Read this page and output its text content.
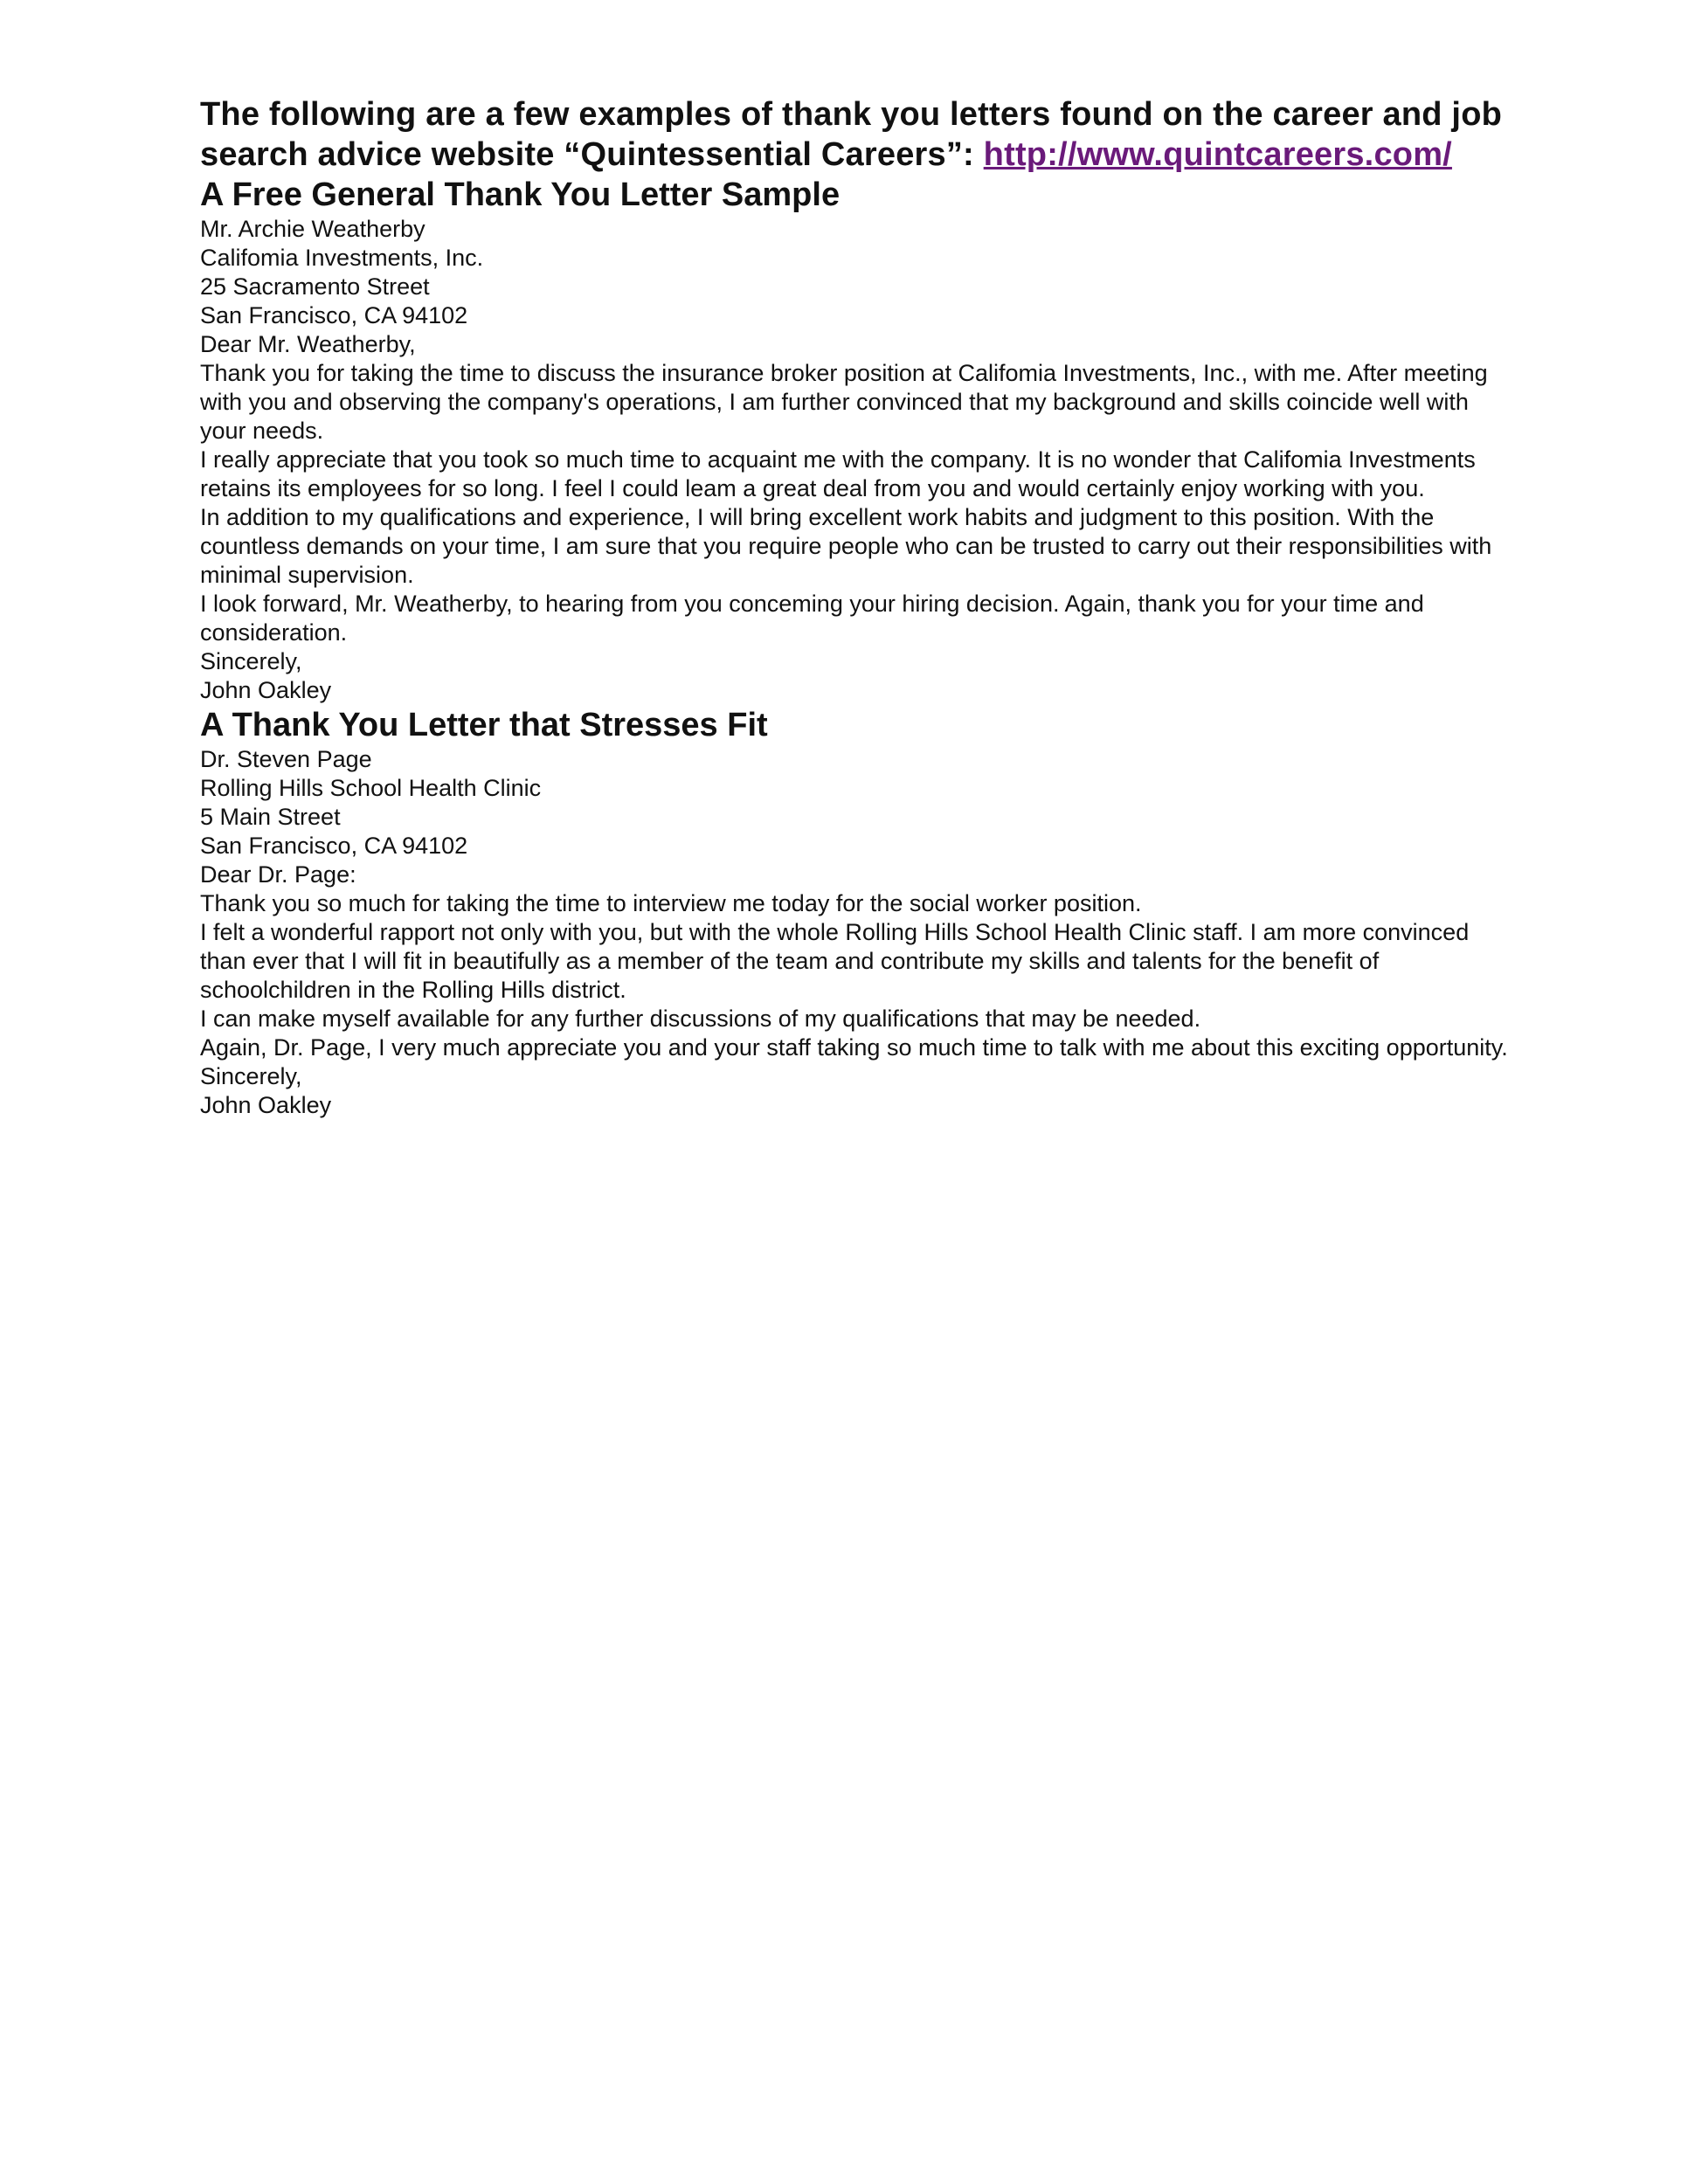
The following are a few examples of thank you letters found on the career and job search advice website “Quintessential Careers”: http://www.quintcareers.com/

A Free General Thank You Letter Sample

Mr. Archie Weatherby
Califomia Investments, Inc.
25 Sacramento Street
San Francisco, CA 94102

Dear Mr. Weatherby,

Thank you for taking the time to discuss the insurance broker position at Califomia Investments, Inc., with me. After meeting with you and observing the company's operations, I am further convinced that my background and skills coincide well with your needs.

I really appreciate that you took so much time to acquaint me with the company. It is no wonder that Califomia Investments retains its employees for so long. I feel I could leam a great deal from you and would certainly enjoy working with you.

In addition to my qualifications and experience, I will bring excellent work habits and judgment to this position. With the countless demands on your time, I am sure that you require people who can be trusted to carry out their responsibilities with minimal supervision.

I look forward, Mr. Weatherby, to hearing from you conceming your hiring decision. Again, thank you for your time and consideration.

Sincerely,

John Oakley

A Thank You Letter that Stresses Fit

Dr. Steven Page
Rolling Hills School Health Clinic
5 Main Street
San Francisco, CA 94102

Dear Dr. Page:

Thank you so much for taking the time to interview me today for the social worker position.

I felt a wonderful rapport not only with you, but with the whole Rolling Hills School Health Clinic staff. I am more convinced than ever that I will fit in beautifully as a member of the team and contribute my skills and talents for the benefit of schoolchildren in the Rolling Hills district.

I can make myself available for any further discussions of my qualifications that may be needed.

Again, Dr. Page, I very much appreciate you and your staff taking so much time to talk with me about this exciting opportunity.

Sincerely,

John Oakley
